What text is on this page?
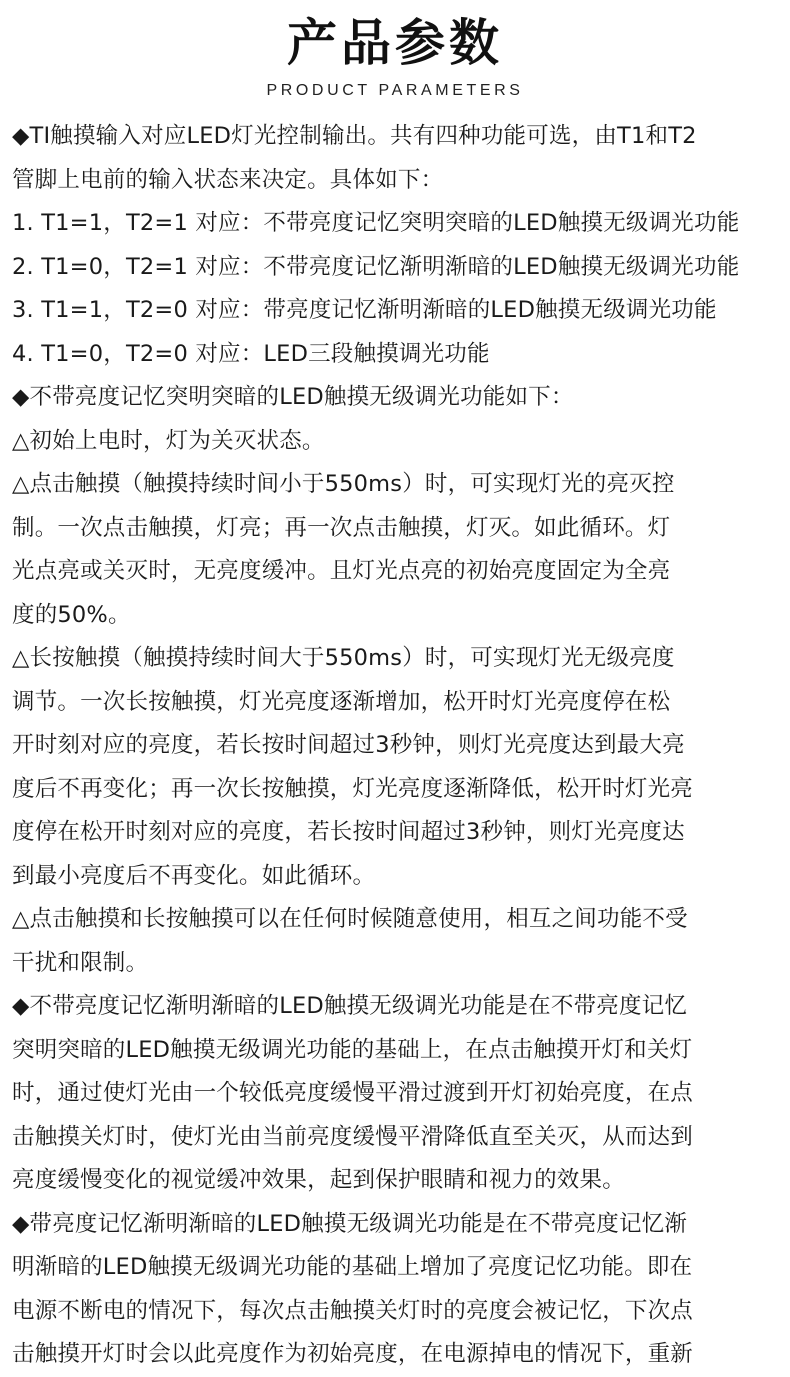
产品参数
PRODUCT PARAMETERS
◆TI触摸输入对应LED灯光控制输出。共有四种功能可选，由T1和T2
管脚上电前的输入状态来决定。具体如下：
1. T1=1，T2=1 对应：不带亮度记忆突明突暗的LED触摸无级调光功能
2. T1=0，T2=1 对应：不带亮度记忆渐明渐暗的LED触摸无级调光功能
3. T1=1，T2=0 对应：带亮度记忆渐明渐暗的LED触摸无级调光功能
4. T1=0，T2=0 对应：LED三段触摸调光功能
◆不带亮度记忆突明突暗的LED触摸无级调光功能如下：
△初始上电时，灯为关灭状态。
△点击触摸（触摸持续时间小于550ms）时，可实现灯光的亮灭控
制。一次点击触摸，灯亮；再一次点击触摸，灯灭。如此循环。灯
光点亮或关灭时，无亮度缓冲。且灯光点亮的初始亮度固定为全亮
度的50%。
△长按触摸（触摸持续时间大于550ms）时，可实现灯光无级亮度
调节。一次长按触摸，灯光亮度逐渐增加，松开时灯光亮度停在松
开时刻对应的亮度，若长按时间超过3秒钟，则灯光亮度达到最大亮
度后不再变化；再一次长按触摸，灯光亮度逐渐降低，松开时灯光亮
度停在松开时刻对应的亮度，若长按时间超过3秒钟，则灯光亮度达
到最小亮度后不再变化。如此循环。
△点击触摸和长按触摸可以在任何时候随意使用，相互之间功能不受
干扰和限制。
◆不带亮度记忆渐明渐暗的LED触摸无级调光功能是在不带亮度记忆
突明突暗的LED触摸无级调光功能的基础上，在点击触摸开灯和关灯
时，通过使灯光由一个较低亮度缓慢平滑过渡到开灯初始亮度，在点
击触摸关灯时，使灯光由当前亮度缓慢平滑降低直至关灭，从而达到
亮度缓慢变化的视觉缓冲效果，起到保护眼睛和视力的效果。
◆带亮度记忆渐明渐暗的LED触摸无级调光功能是在不带亮度记忆渐
明渐暗的LED触摸无级调光功能的基础上增加了亮度记忆功能。即在
电源不断电的情况下，每次点击触摸关灯时的亮度会被记忆，下次点
击触摸开灯时会以此亮度作为初始亮度，在电源掉电的情况下，重新
